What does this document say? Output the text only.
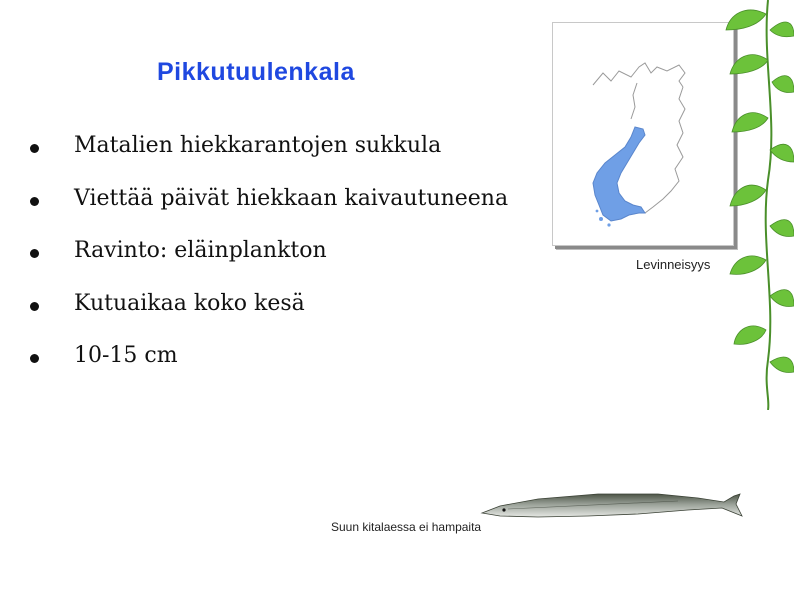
Pikkutuulenkala
Matalien hiekkarantojen sukkula
Viettää päivät hiekkaan kaivautuneena
Ravinto: eläinplankton
Kutuaikaa koko kesä
10-15 cm
Levinneisyys
Suun kitalaessa ei hampaita
